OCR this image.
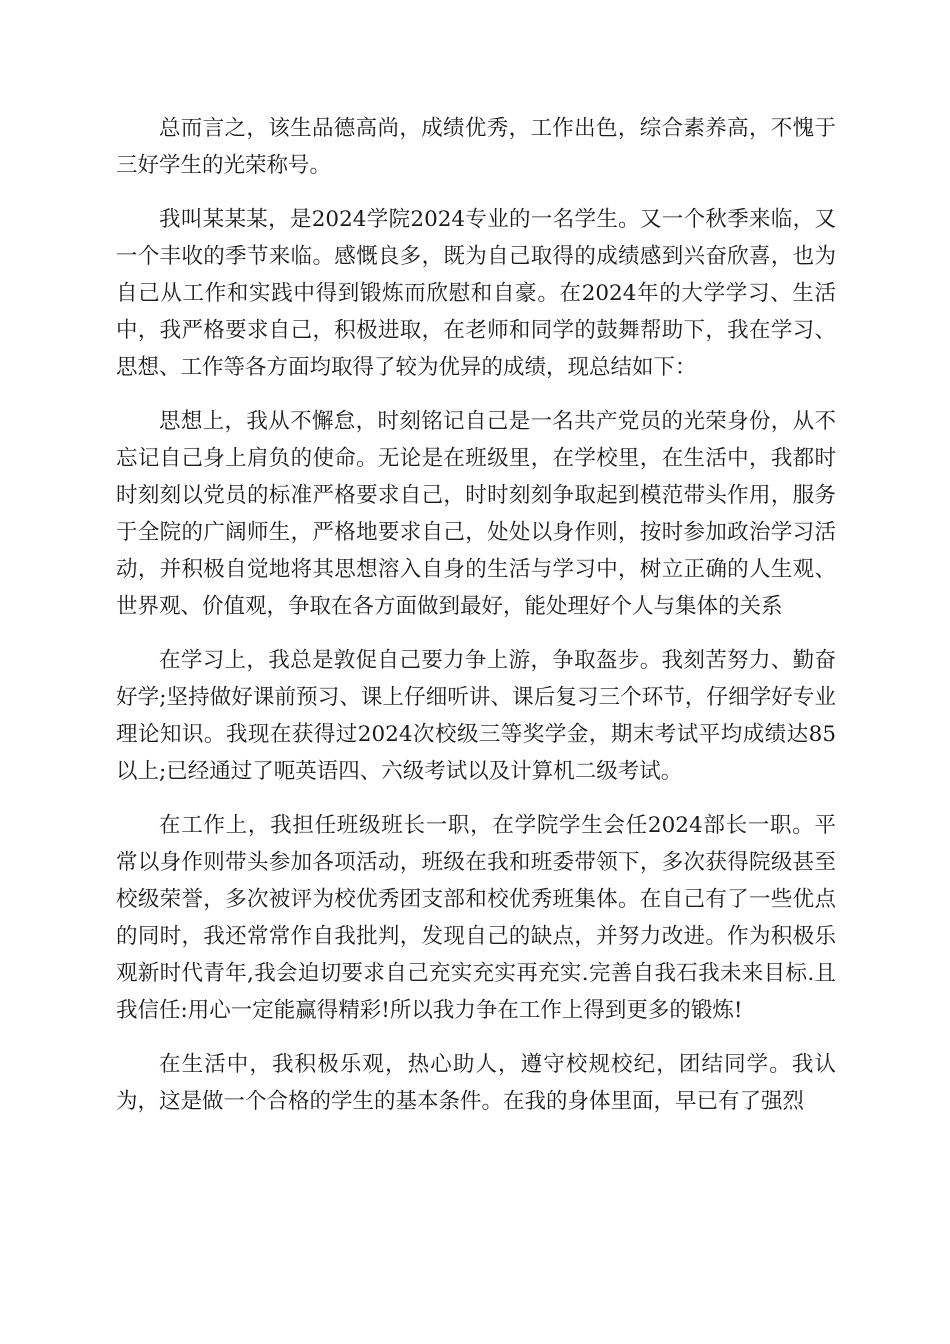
总而言之，该生品德高尚，成绩优秀，工作出色，综合素养高，不愧于三好学生的光荣称号。

我叫某某某，是2024学院2024专业的一名学生。又一个秋季来临，又一个丰收的季节来临。感慨良多，既为自己取得的成绩感到兴奋欣喜，也为自己从工作和实践中得到锻炼而欣慰和自豪。在2024年的大学学习、生活中，我严格要求自己，积极进取，在老师和同学的鼓舞帮助下，我在学习、思想、工作等各方面均取得了较为优异的成绩，现总结如下：

思想上，我从不懈怠，时刻铭记自己是一名共产党员的光荣身份，从不忘记自己身上肩负的使命。无论是在班级里，在学校里，在生活中，我都时时刻刻以党员的标准严格要求自己，时时刻刻争取起到模范带头作用，服务于全院的广阔师生，严格地要求自己，处处以身作则，按时参加政治学习活动，并积极自觉地将其思想溶入自身的生活与学习中，树立正确的人生观、世界观、价值观，争取在各方面做到最好，能处理好个人与集体的关系

在学习上，我总是敦促自己要力争上游，争取盔步。我刻苦努力、勤奋好学;坚持做好课前预习、课上仔细听讲、课后复习三个环节，仔细学好专业理论知识。我现在获得过2024次校级三等奖学金，期末考试平均成绩达85以上;已经通过了呃英语四、六级考试以及计算机二级考试。

在工作上，我担任班级班长一职，在学院学生会任2024部长一职。平常以身作则带头参加各项活动，班级在我和班委带领下，多次获得院级甚至校级荣誉，多次被评为校优秀团支部和校优秀班集体。在自己有了一些优点的同时，我还常常作自我批判，发现自己的缺点，并努力改进。作为积极乐观新时代青年,我会迫切要求自己充实充实再充实.完善自我石我未来目标.且我信任:用心一定能赢得精彩!所以我力争在工作上得到更多的锻炼!

在生活中，我积极乐观，热心助人，遵守校规校纪，团结同学。我认为，这是做一个合格的学生的基本条件。在我的身体里面，早已有了强烈
